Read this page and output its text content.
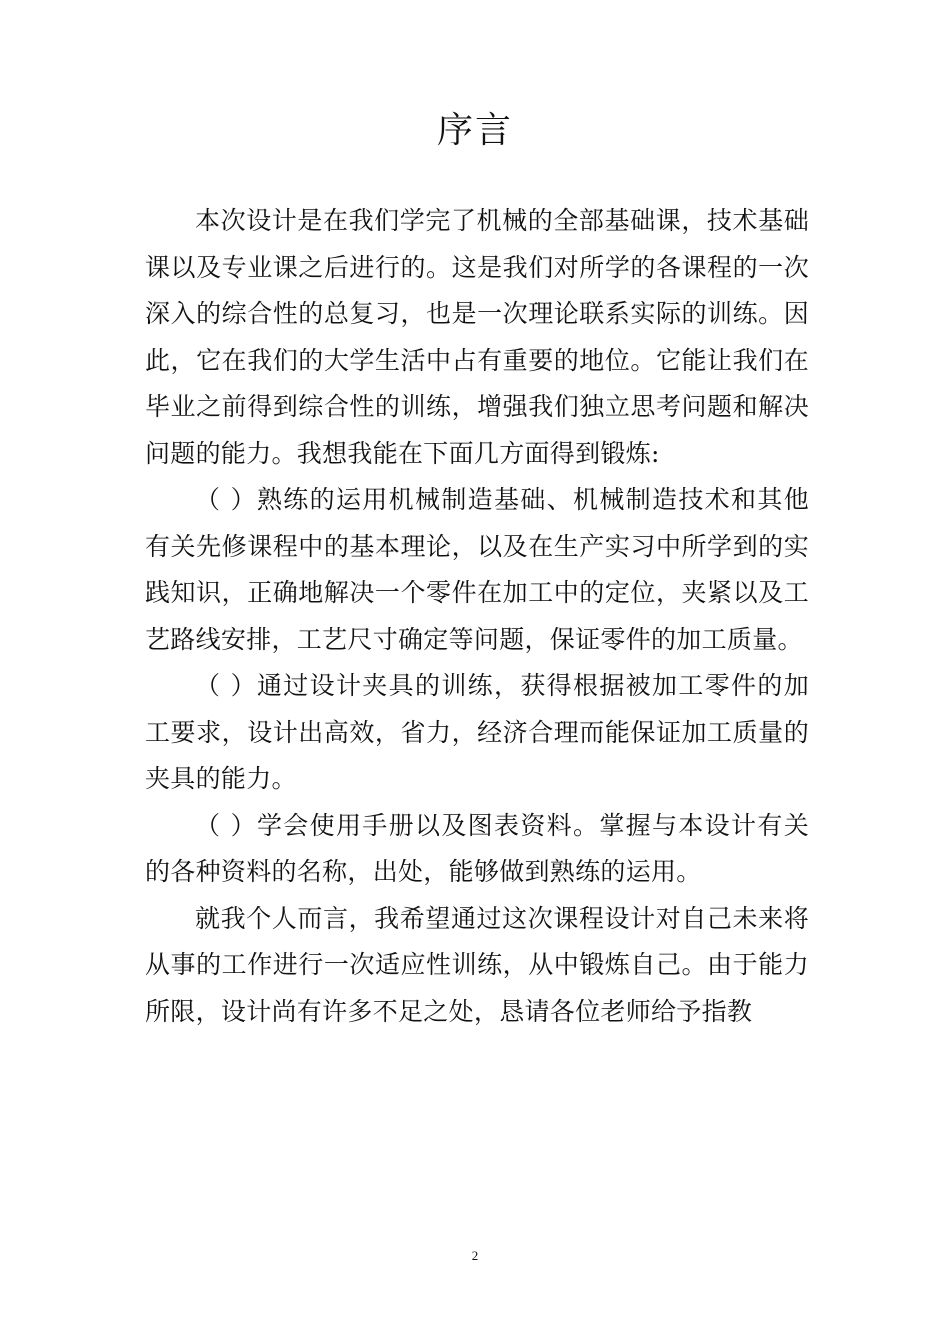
序言

本次设计是在我们学完了机械的全部基础课，技术基础课以及专业课之后进行的。这是我们对所学的各课程的一次深入的综合性的总复习，也是一次理论联系实际的训练。因此，它在我们的大学生活中占有重要的地位。它能让我们在毕业之前得到综合性的训练，增强我们独立思考问题和解决问题的能力。我想我能在下面几方面得到锻炼:

（ ）熟练的运用机械制造基础、机械制造技术和其他有关先修课程中的基本理论，以及在生产实习中所学到的实践知识，正确地解决一个零件在加工中的定位，夹紧以及工艺路线安排，工艺尺寸确定等问题，保证零件的加工质量。

（ ）通过设计夹具的训练，获得根据被加工零件的加工要求，设计出高效，省力，经济合理而能保证加工质量的夹具的能力。

（ ）学会使用手册以及图表资料。掌握与本设计有关的各种资料的名称，出处，能够做到熟练的运用。

就我个人而言，我希望通过这次课程设计对自己未来将从事的工作进行一次适应性训练，从中锻炼自己。由于能力所限，设计尚有许多不足之处，恳请各位老师给予指教

2
